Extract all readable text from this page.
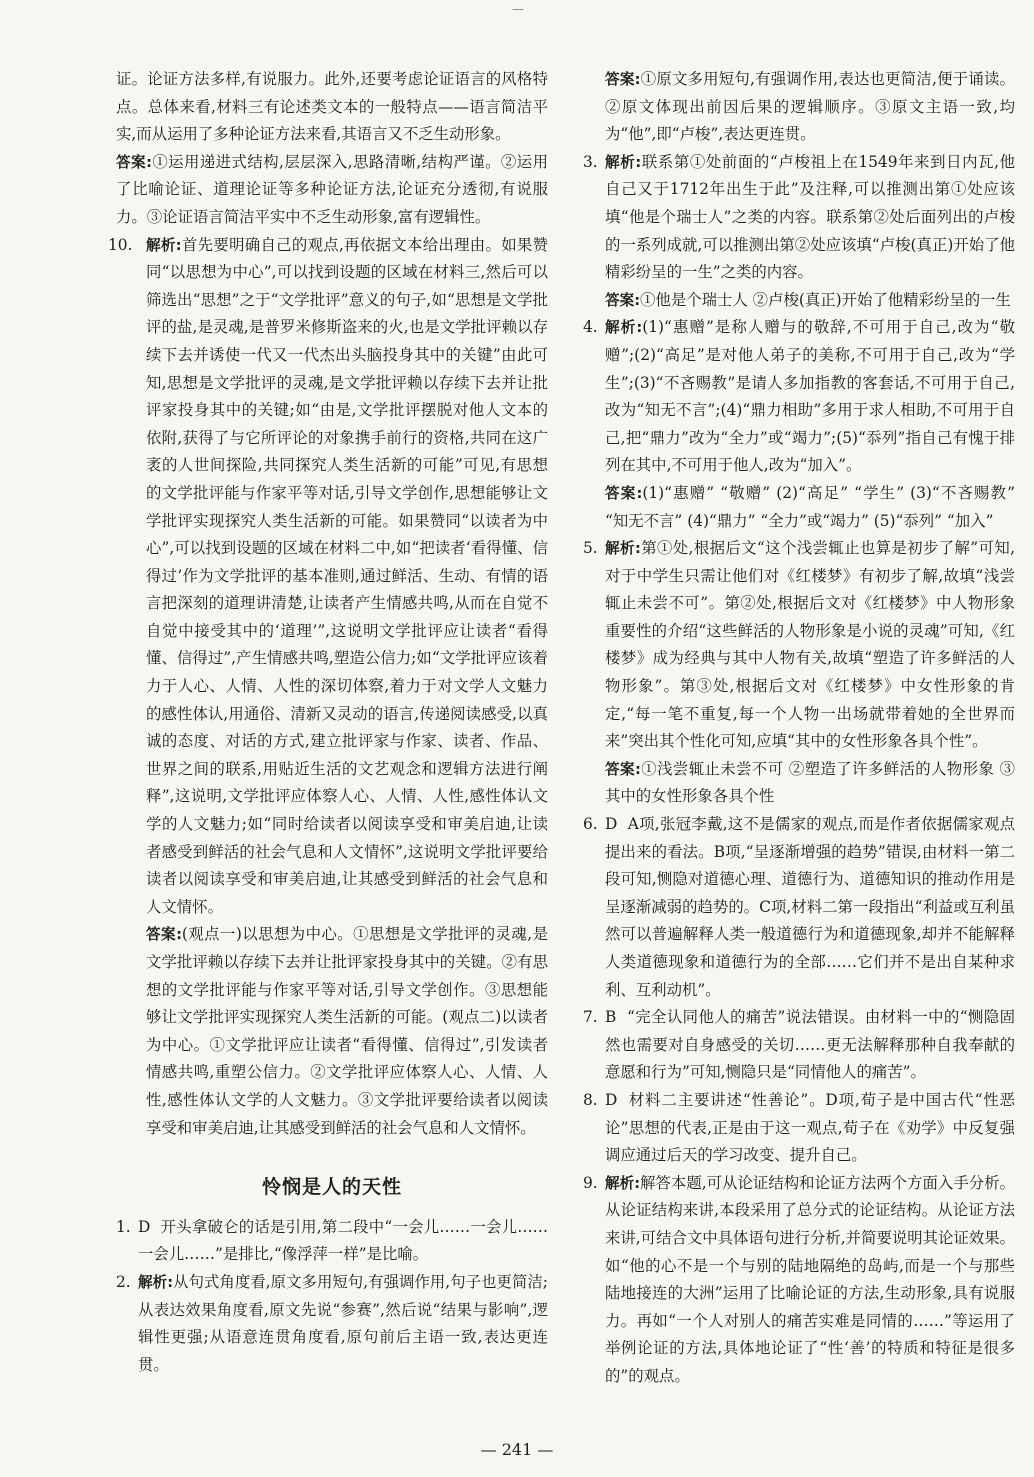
—

证。论证方法多样,有说服力。此外,还要考虑论证语言的风格特点。总体来看,材料三有论述类文本的一般特点——语言简洁平实,而从运用了多种论证方法来看,其语言又不乏生动形象。

答案:①运用递进式结构,层层深入,思路清晰,结构严谨。②运用了比喻论证、道理论证等多种论证方法,论证充分透彻,有说服力。③论证语言简洁平实中不乏生动形象,富有逻辑性。

10. 解析:首先要明确自己的观点,再依据文本给出理由。如果赞同“以思想为中心”,可以找到设题的区域在材料三,然后可以筛选出“思想”之于“文学批评”意义的句子,如“思想是文学批评的盐,是灵魂,是普罗米修斯盗来的火,也是文学批评赖以存续下去并诱使一代又一代杰出头脑投身其中的关键”由此可知,思想是文学批评的灵魂,是文学批评赖以存续下去并让批评家投身其中的关键;如“由是,文学批评摆脱对他人文本的依附,获得了与它所评论的对象携手前行的资格,共同在这广袤的人世间探险,共同探究人类生活新的可能”可见,有思想的文学批评能与作家平等对话,引导文学创作,思想能够让文学批评实现探究人类生活新的可能。如果赞同“以读者为中心”,可以找到设题的区域在材料二中,如“把读者‘看得懂、信得过’作为文学批评的基本准则,通过鲜活、生动、有情的语言把深刻的道理讲清楚,让读者产生情感共鸣,从而在自觉不自觉中接受其中的‘道理’”,这说明文学批评应让读者“看得懂、信得过”,产生情感共鸣,塑造公信力;如“文学批评应该着力于人心、人情、人性的深切体察,着力于对文学人文魅力的感性体认,用通俗、清新又灵动的语言,传递阅读感受,以真诚的态度、对话的方式,建立批评家与作家、读者、作品、世界之间的联系,用贴近生活的文艺观念和逻辑方法进行阐释”,这说明,文学批评应体察人心、人情、人性,感性体认文学的人文魅力;如“同时给读者以阅读享受和审美启迪,让读者感受到鲜活的社会气息和人文情怀”,这说明文学批评要给读者以阅读享受和审美启迪,让其感受到鲜活的社会气息和人文情怀。
答案:(观点一)以思想为中心。①思想是文学批评的灵魂,是文学批评赖以存续下去并让批评家投身其中的关键。②有思想的文学批评能与作家平等对话,引导文学创作。③思想能够让文学批评实现探究人类生活新的可能。(观点二)以读者为中心。①文学批评应让读者“看得懂、信得过”,引发读者情感共鸣,重塑公信力。②文学批评应体察人心、人情、人性,感性体认文学的人文魅力。③文学批评要给读者以阅读享受和审美启迪,让其感受到鲜活的社会气息和人文情怀。
怜悯是人的天性
1. D 开头拿破仑的话是引用,第二段中“一会儿……一会儿……一会儿……”是排比,“像浮萍一样”是比喻。
2. 解析:从句式角度看,原文多用短句,有强调作用,句子也更简洁;从表达效果角度看,原文先说“参赛”,然后说“结果与影响”,逻辑性更强;从语意连贯角度看,原句前后主语一致,表达更连贯。
答案:①原文多用短句,有强调作用,表达也更简洁,便于诵读。②原文体现出前因后果的逻辑顺序。③原文主语一致,均为“他”,即“卢梭”,表达更连贯。
3. 解析:联系第①处前面的“卢梭祖上在1549年来到日内瓦,他自己又于1712年出生于此”及注释,可以推测出第①处应该填“他是个瑞士人”之类的内容。联系第②处后面列出的卢梭的一系列成就,可以推测出第②处应该填“卢梭(真正)开始了他精彩纷呈的一生”之类的内容。
答案:①他是个瑞士人 ②卢梭(真正)开始了他精彩纷呈的一生
4. 解析:(1)“惠赠”是称人赠与的敬辞,不可用于自己,改为“敬赠”;(2)“高足”是对他人弟子的美称,不可用于自己,改为“学生”;(3)“不吝赐教”是请人多加指教的客套话,不可用于自己,改为“知无不言”;(4)“鼎力相助”多用于求人相助,不可用于自己,把“鼎力”改为“全力”或“竭力”;(5)“忝列”指自己有愧于排列在其中,不可用于他人,改为“加入”。
答案:(1)“惠赠” “敬赠” (2)“高足” “学生” (3)“不吝赐教” “知无不言” (4)“鼎力” “全力”或“竭力” (5)“忝列” “加入”
5. 解析:第①处,根据后文“这个浅尝辄止也算是初步了解”可知,对于中学生只需让他们对《红楼梦》有初步了解,故填“浅尝辄止未尝不可”。第②处,根据后文对《红楼梦》中人物形象重要性的介绍“这些鲜活的人物形象是小说的灵魂”可知,《红楼梦》成为经典与其中人物有关,故填“塑造了许多鲜活的人物形象”。第③处,根据后文对《红楼梦》中女性形象的肯定,“每一笔不重复,每一个人物一出场就带着她的全世界而来”突出其个性化可知,应填“其中的女性形象各具个性”。
答案:①浅尝辄止未尝不可 ②塑造了许多鲜活的人物形象 ③其中的女性形象各具个性
6. D A项,张冠李戴,这不是儒家的观点,而是作者依据儒家观点提出来的看法。B项,“呈逐渐增强的趋势”错误,由材料一第二段可知,恻隐对道德心理、道德行为、道德知识的推动作用是呈逐渐减弱的趋势的。C项,材料二第一段指出“利益或互利虽然可以普遍解释人类一般道德行为和道德现象,却并不能解释人类道德现象和道德行为的全部……它们并不是出自某种求利、互利动机”。
7. B “完全认同他人的痛苦”说法错误。由材料一中的“恻隐固然也需要对自身感受的关切……更无法解释那种自我奉献的意愿和行为”可知,恻隐只是“同情他人的痛苦”。
8. D 材料二主要讲述“性善论”。D项,荀子是中国古代“性恶论”思想的代表,正是由于这一观点,荀子在《劝学》中反复强调应通过后天的学习改变、提升自己。
9. 解析:解答本题,可从论证结构和论证方法两个方面入手分析。从论证结构来讲,本段采用了总分式的论证结构。从论证方法来讲,可结合文中具体语句进行分析,并简要说明其论证效果。如“他的心不是一个与别的陆地隔绝的岛屿,而是一个与那些陆地接连的大洲”运用了比喻论证的方法,生动形象,具有说服力。再如“一个人对别人的痛苦实难是同情的……”等运用了举例论证的方法,具体地论证了“性‘善’的特质和特征是很多的”的观点。
— 241 —
